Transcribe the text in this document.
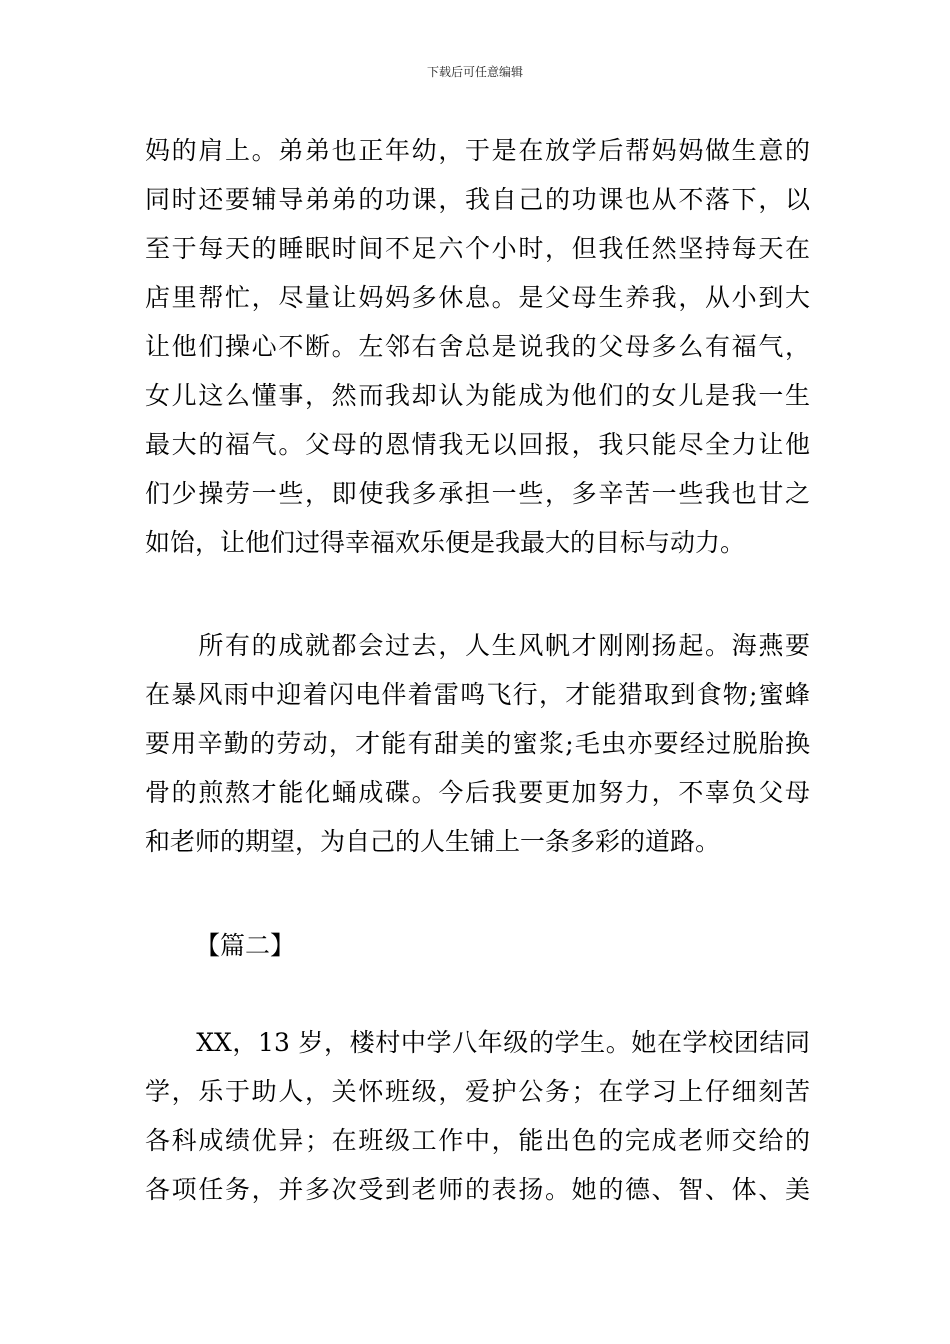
下载后可任意编辑
妈的肩上。弟弟也正年幼，于是在放学后帮妈妈做生意的
同时还要辅导弟弟的功课，我自己的功课也从不落下，以
至于每天的睡眠时间不足六个小时，但我任然坚持每天在
店里帮忙，尽量让妈妈多休息。是父母生养我，从小到大
让他们操心不断。左邻右舍总是说我的父母多么有福气，
女儿这么懂事，然而我却认为能成为他们的女儿是我一生
最大的福气。父母的恩情我无以回报，我只能尽全力让他
们少操劳一些，即使我多承担一些，多辛苦一些我也甘之
如饴，让他们过得幸福欢乐便是我最大的目标与动力。
　　所有的成就都会过去，人生风帆才刚刚扬起。海燕要
在暴风雨中迎着闪电伴着雷鸣飞行，才能猎取到食物;蜜蜂
要用辛勤的劳动，才能有甜美的蜜浆;毛虫亦要经过脱胎换
骨的煎熬才能化蛹成碟。今后我要更加努力，不辜负父母
和老师的期望，为自己的人生铺上一条多彩的道路。
【篇二】
　　XX，13 岁，楼村中学八年级的学生。她在学校团结同
学，乐于助人，关怀班级，爱护公务；在学习上仔细刻苦
各科成绩优异；在班级工作中，能出色的完成老师交给的
各项任务，并多次受到老师的表扬。她的德、智、体、美
